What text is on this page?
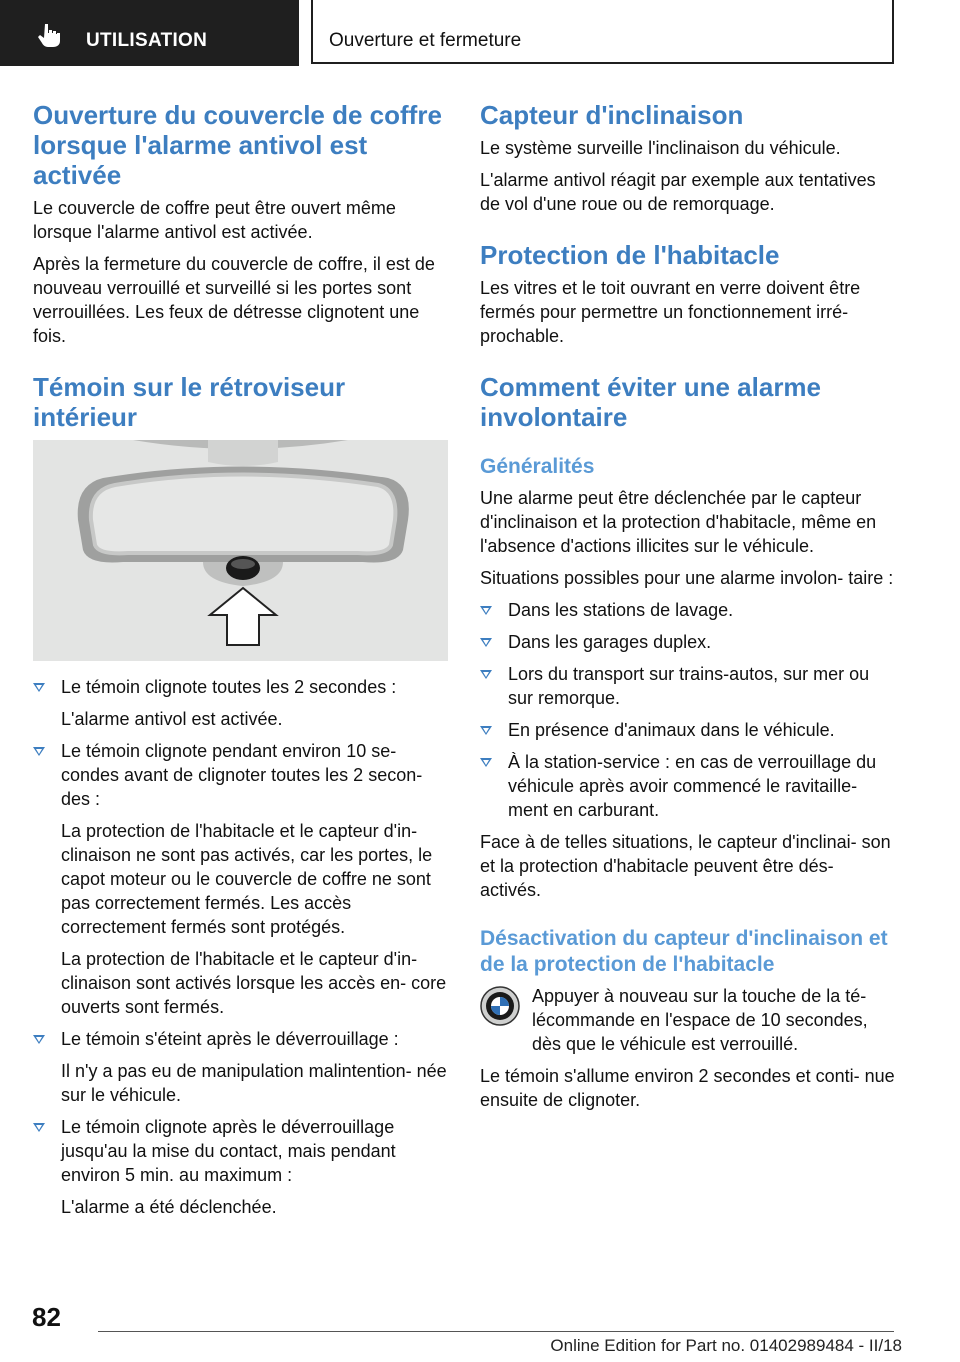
UTILISATION	Ouverture et fermeture
Ouverture du couvercle de coffre lorsque l'alarme antivol est activée

Le couvercle de coffre peut être ouvert même lorsque l'alarme antivol est activée.

Après la fermeture du couvercle de coffre, il est de nouveau verrouillé et surveillé si les portes sont verrouillées. Les feux de détresse clignotent une fois.

Témoin sur le rétroviseur intérieur
Le témoin clignote toutes les 2 secondes :
L'alarme antivol est activée.
Le témoin clignote pendant environ 10 se‐ condes avant de clignoter toutes les 2 secon‐ des :
La protection de l'habitacle et le capteur d'in‐ clinaison ne sont pas activés, car les portes, le capot moteur ou le couvercle de coffre ne sont pas correctement fermés. Les accès correctement fermés sont protégés.
La protection de l'habitacle et le capteur d'in‐ clinaison sont activés lorsque les accès en‐ core ouverts sont fermés.
Le témoin s'éteint après le déverrouillage :
Il n'y a pas eu de manipulation malintention‐ née sur le véhicule.
Le témoin clignote après le déverrouillage jusqu'au la mise du contact, mais pendant environ 5 min. au maximum :
L'alarme a été déclenchée.
Capteur d'inclinaison

Le système surveille l'inclinaison du véhicule.

L'alarme antivol réagit par exemple aux tentatives de vol d'une roue ou de remorquage.

Protection de l'habitacle

Les vitres et le toit ouvrant en verre doivent être fermés pour permettre un fonctionnement irré‐ prochable.

Comment éviter une alarme involontaire
Généralités

Une alarme peut être déclenchée par le capteur d'inclinaison et la protection d'habitacle, même en l'absence d'actions illicites sur le véhicule.

Situations possibles pour une alarme involon‐ taire :

Dans les stations de lavage.
Dans les garages duplex.
Lors du transport sur trains-autos, sur mer ou sur remorque.
En présence d'animaux dans le véhicule.
À la station-service : en cas de verrouillage du véhicule après avoir commencé le ravitaille‐ ment en carburant.

Face à de telles situations, le capteur d'inclinai‐ son et la protection d'habitacle peuvent être dés‐ activés.

Désactivation du capteur d'inclinaison et de la protection de l'habitacle

Appuyer à nouveau sur la touche de la té‐ lécommande en l'espace de 10 secondes, dès que le véhicule est verrouillé.

Le témoin s'allume environ 2 secondes et conti‐ nue ensuite de clignoter.

82
Online Edition for Part no. 01402989484 - II/18
